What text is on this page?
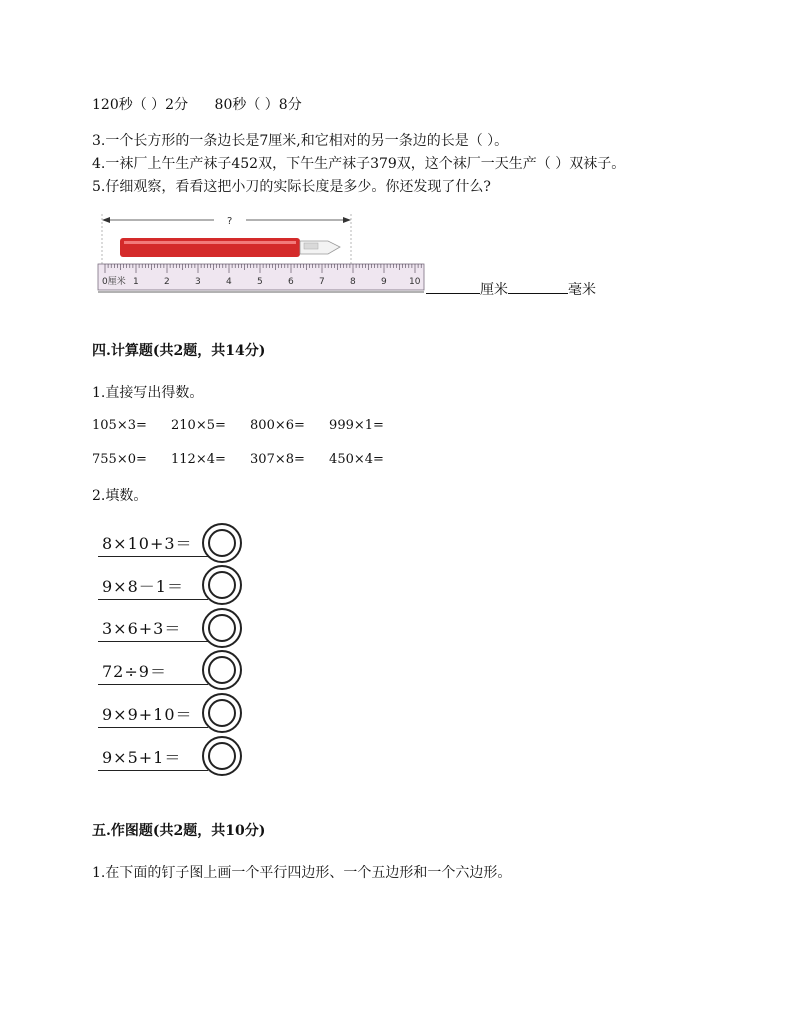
120秒（ ）2分 80秒（ ）8分
3.一个长方形的一条边长是7厘米,和它相对的另一条边的长是（ ）。
4.一袜厂上午生产袜子452双，下午生产袜子379双，这个袜厂一天生产（ ）双袜子。
5.仔细观察，看看这把小刀的实际长度是多少。你还发现了什么?
?
0厘米 1	2	3	4	5	6	7	8	9 10	厘米	毫米
四.计算题(共2题，共14分)
1.直接写出得数。
105×3= 210×5= 800×6= 999×1=
755×0= 112×4= 307×8= 450×4=
2.填数。
8×10+3＝
9×8－1＝
3×6+3＝
72÷9＝
9×9+10＝
9×5+1＝
五.作图题(共2题，共10分)
1.在下面的钉子图上画一个平行四边形、一个五边形和一个六边形。
